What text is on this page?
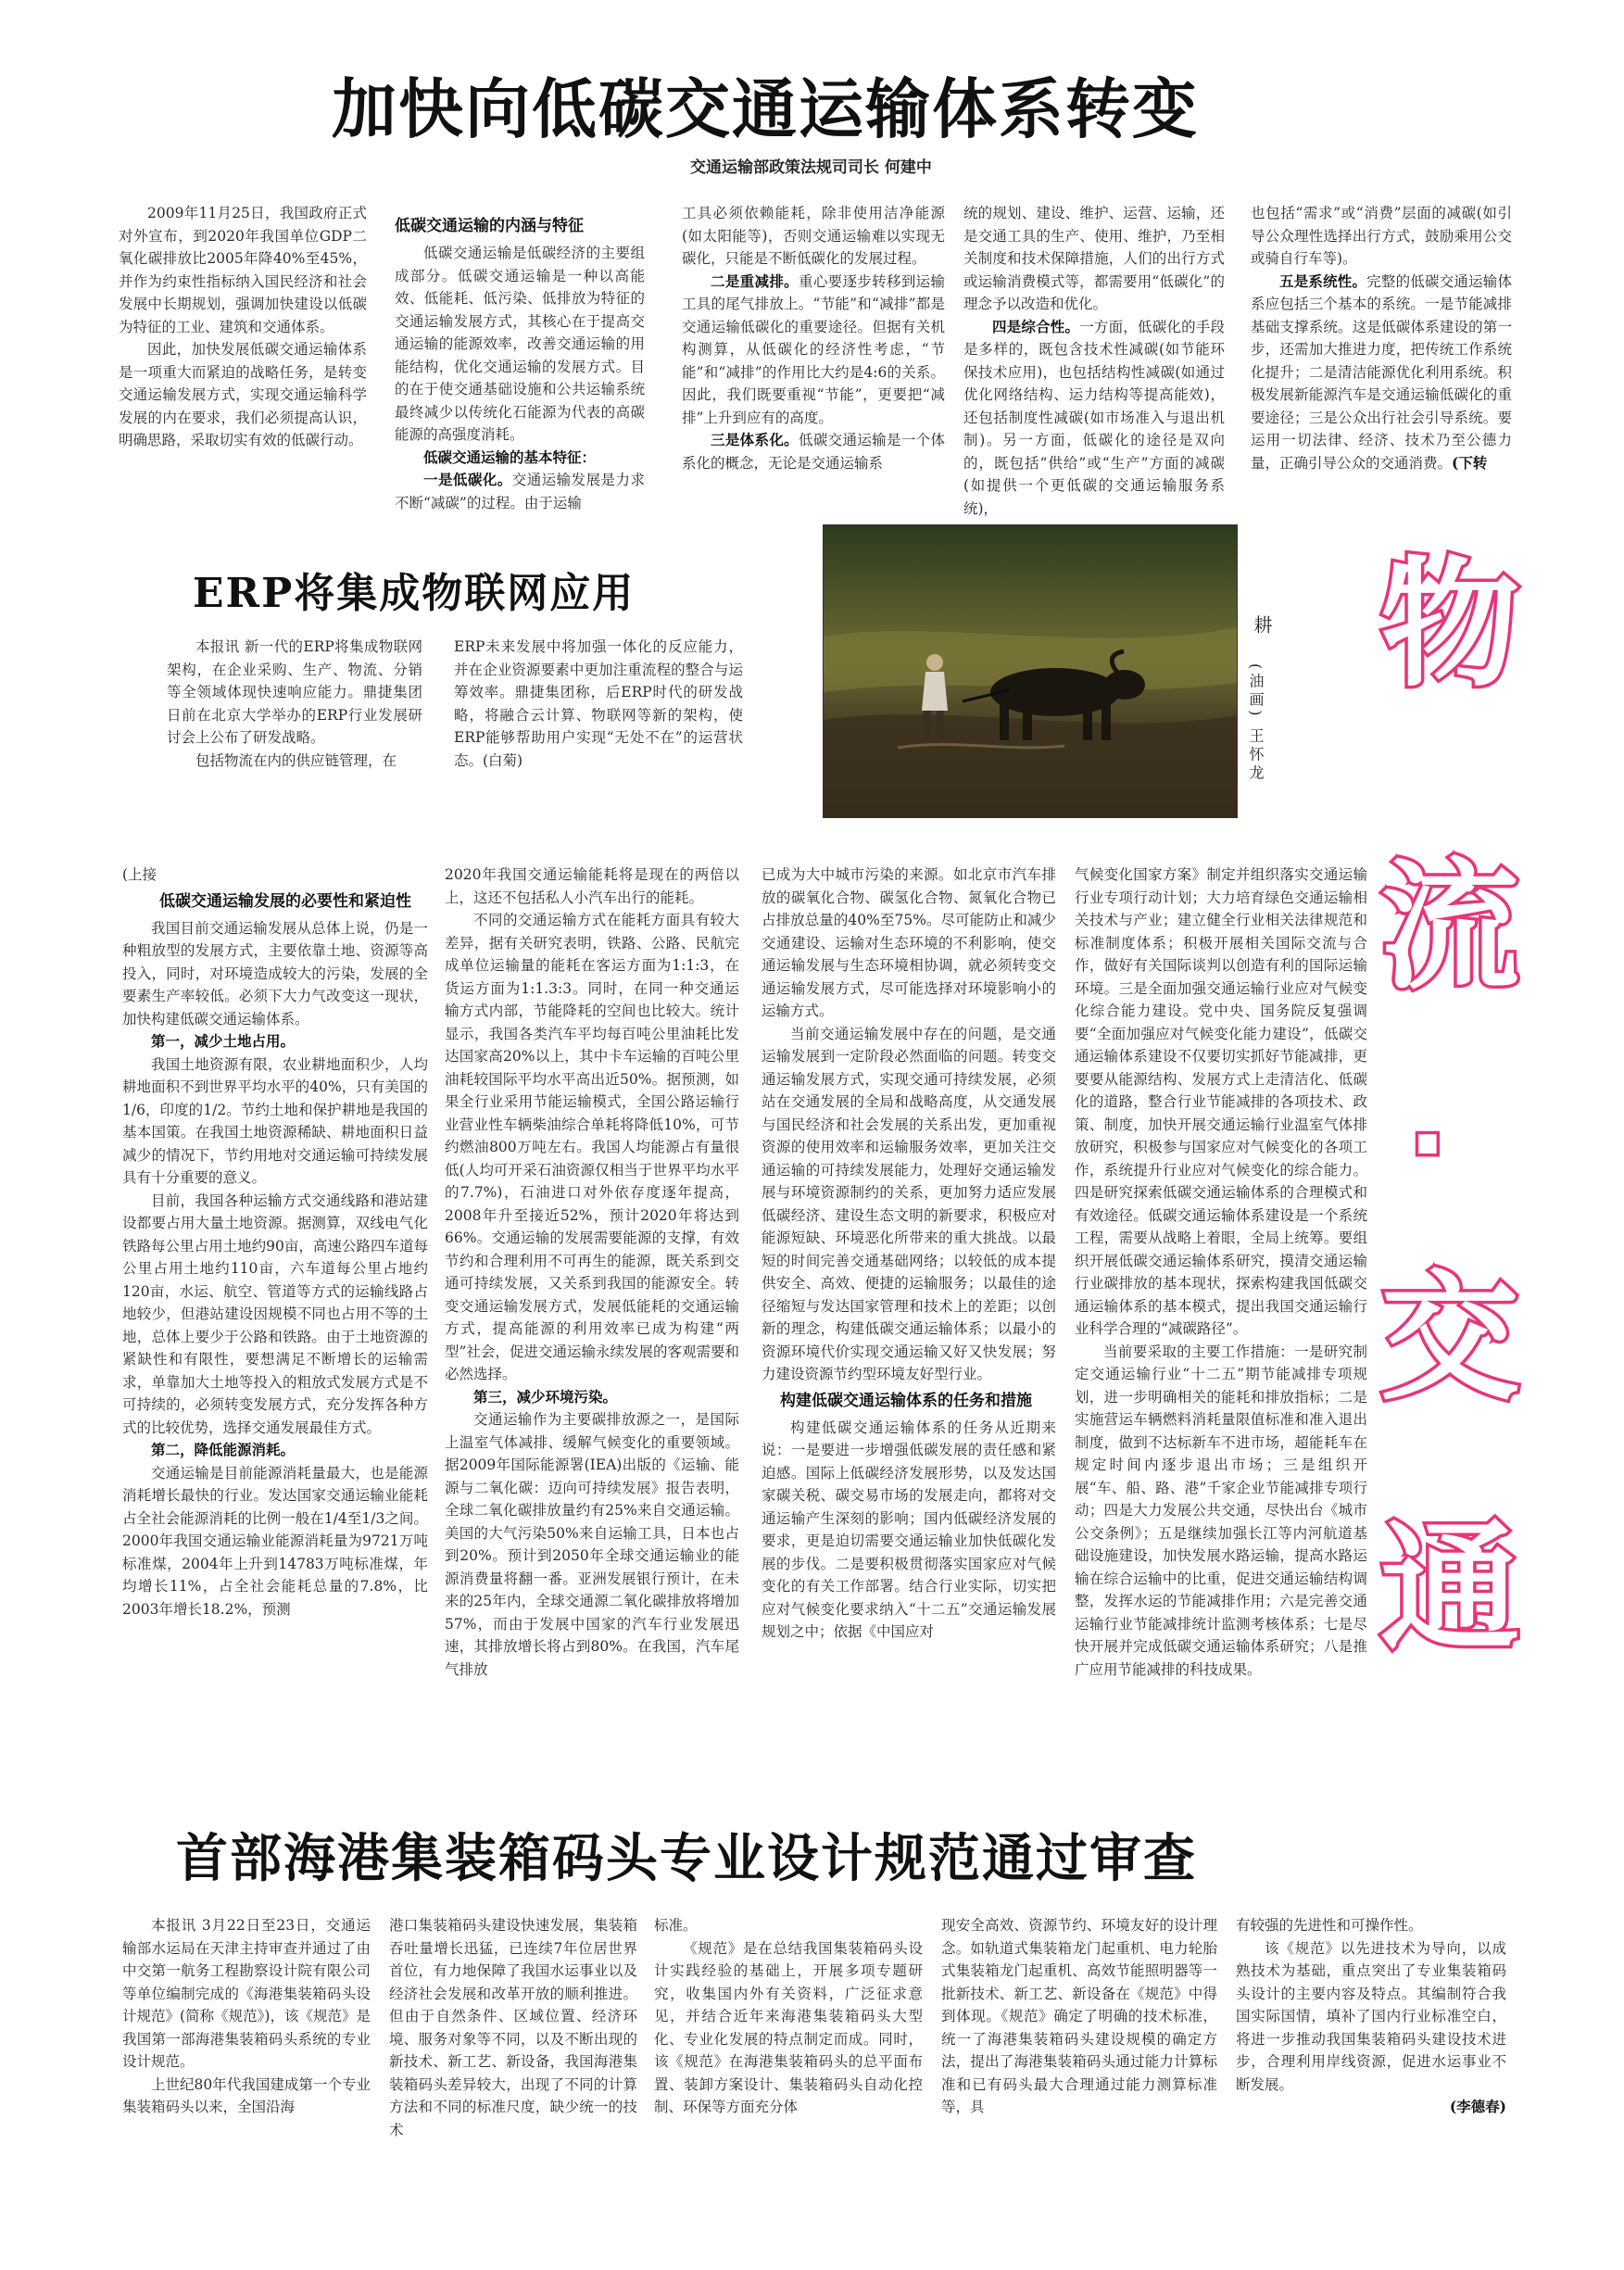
加快向低碳交通运输体系转变
交通运输部政策法规司司长 何建中

2009年11月25日，我国政府正式对外宣布，到2020年我国单位GDP二氧化碳排放比2005年降40%至45%，并作为约束性指标纳入国民经济和社会发展中长期规划，强调加快建设以低碳为特征的工业、建筑和交通体系。

因此，加快发展低碳交通运输体系是一项重大而紧迫的战略任务，是转变交通运输发展方式，实现交通运输科学发展的内在要求，我们必须提高认识，明确思路，采取切实有效的低碳行动。

低碳交通运输的内涵与特征

低碳交通运输是低碳经济的主要组成部分。低碳交通运输是一种以高能效、低能耗、低污染、低排放为特征的交通运输发展方式，其核心在于提高交通运输的能源效率，改善交通运输的用能结构，优化交通运输的发展方式。目的在于使交通基础设施和公共运输系统最终减少以传统化石能源为代表的高碳能源的高强度消耗。

低碳交通运输的基本特征：

一是低碳化。交通运输发展是力求不断“减碳”的过程。由于运输

工具必须依赖能耗，除非使用洁净能源(如太阳能等)，否则交通运输难以实现无碳化，只能是不断低碳化的发展过程。

二是重减排。重心要逐步转移到运输工具的尾气排放上。“节能”和“减排”都是交通运输低碳化的重要途径。但据有关机构测算，从低碳化的经济性考虑，“节能”和“减排”的作用比大约是4:6的关系。因此，我们既要重视“节能”，更要把“减排”上升到应有的高度。

三是体系化。低碳交通运输是一个体系化的概念，无论是交通运输系

统的规划、建设、维护、运营、运输，还是交通工具的生产、使用、维护，乃至相关制度和技术保障措施，人们的出行方式或运输消费模式等，都需要用“低碳化”的理念予以改造和优化。

四是综合性。一方面，低碳化的手段是多样的，既包含技术性减碳(如节能环保技术应用)，也包括结构性减碳(如通过优化网络结构、运力结构等提高能效)，还包括制度性减碳(如市场准入与退出机制)。另一方面，低碳化的途径是双向的，既包括“供给”或“生产”方面的减碳(如提供一个更低碳的交通运输服务系统)，

也包括“需求”或“消费”层面的减碳(如引导公众理性选择出行方式，鼓励乘用公交或骑自行车等)。

五是系统性。完整的低碳交通运输体系应包括三个基本的系统。一是节能减排基础支撑系统。这是低碳体系建设的第一步，还需加大推进力度，把传统工作系统化提升；二是清洁能源优化利用系统。积极发展新能源汽车是交通运输低碳化的重要途径；三是公众出行社会引导系统。要运用一切法律、经济、技术乃至公德力量，正确引导公众的交通消费。(下转

ERP将集成物联网应用

本报讯 新一代的ERP将集成物联网架构，在企业采购、生产、物流、分销等全领域体现快速响应能力。鼎捷集团日前在北京大学举办的ERP行业发展研讨会上公布了研发战略。

包括物流在内的供应链管理，在

ERP未来发展中将加强一体化的反应能力，并在企业资源要素中更加注重流程的整合与运筹效率。鼎捷集团称，后ERP时代的研发战略，将融合云计算、物联网等新的架构，使ERP能够帮助用户实现“无处不在”的运营状态。(白菊)

耕
(油画) 王怀龙
物
流
·
交
通

(上接

低碳交通运输发展的必要性和紧迫性

我国目前交通运输发展从总体上说，仍是一种粗放型的发展方式，主要依靠土地、资源等高投入，同时，对环境造成较大的污染，发展的全要素生产率较低。必须下大力气改变这一现状，加快构建低碳交通运输体系。

第一，减少土地占用。

我国土地资源有限，农业耕地面积少，人均耕地面积不到世界平均水平的40%，只有美国的1/6，印度的1/2。节约土地和保护耕地是我国的基本国策。在我国土地资源稀缺、耕地面积日益减少的情况下，节约用地对交通运输可持续发展具有十分重要的意义。

目前，我国各种运输方式交通线路和港站建设都要占用大量土地资源。据测算，双线电气化铁路每公里占用土地约90亩，高速公路四车道每公里占用土地约110亩，六车道每公里占地约120亩，水运、航空、管道等方式的运输线路占地较少，但港站建设因规模不同也占用不等的土地，总体上要少于公路和铁路。由于土地资源的紧缺性和有限性，要想满足不断增长的运输需求，单靠加大土地等投入的粗放式发展方式是不可持续的，必须转变发展方式，充分发挥各种方式的比较优势，选择交通发展最佳方式。

第二，降低能源消耗。

交通运输是目前能源消耗量最大，也是能源消耗增长最快的行业。发达国家交通运输业能耗占全社会能源消耗的比例一般在1/4至1/3之间。2000年我国交通运输业能源消耗量为9721万吨标准煤，2004年上升到14783万吨标准煤，年均增长11%，占全社会能耗总量的7.8%，比2003年增长18.2%，预测

2020年我国交通运输能耗将是现在的两倍以上，这还不包括私人小汽车出行的能耗。

不同的交通运输方式在能耗方面具有较大差异，据有关研究表明，铁路、公路、民航完成单位运输量的能耗在客运方面为1:1:3，在货运方面为1:1.3:3。同时，在同一种交通运输方式内部，节能降耗的空间也比较大。统计显示，我国各类汽车平均每百吨公里油耗比发达国家高20%以上，其中卡车运输的百吨公里油耗较国际平均水平高出近50%。据预测，如果全行业采用节能运输模式，全国公路运输行业营业性车辆柴油综合单耗将降低10%，可节约燃油800万吨左右。我国人均能源占有量很低(人均可开采石油资源仅相当于世界平均水平的7.7%)，石油进口对外依存度逐年提高，2008年升至接近52%，预计2020年将达到66%。交通运输的发展需要能源的支撑，有效节约和合理利用不可再生的能源，既关系到交通可持续发展，又关系到我国的能源安全。转变交通运输发展方式，发展低能耗的交通运输方式，提高能源的利用效率已成为构建“两型”社会，促进交通运输永续发展的客观需要和必然选择。

第三，减少环境污染。

交通运输作为主要碳排放源之一，是国际上温室气体减排、缓解气候变化的重要领域。据2009年国际能源署(IEA)出版的《运输、能源与二氧化碳：迈向可持续发展》报告表明，全球二氧化碳排放量约有25%来自交通运输。美国的大气污染50%来自运输工具，日本也占到20%。预计到2050年全球交通运输业的能源消费量将翻一番。亚洲发展银行预计，在未来的25年内，全球交通源二氧化碳排放将增加57%，而由于发展中国家的汽车行业发展迅速，其排放增长将占到80%。在我国，汽车尾气排放

已成为大中城市污染的来源。如北京市汽车排放的碳氧化合物、碳氢化合物、氮氧化合物已占排放总量的40%至75%。尽可能防止和减少交通建设、运输对生态环境的不利影响，使交通运输发展与生态环境相协调，就必须转变交通运输发展方式，尽可能选择对环境影响小的运输方式。

当前交通运输发展中存在的问题，是交通运输发展到一定阶段必然面临的问题。转变交通运输发展方式，实现交通可持续发展，必须站在交通发展的全局和战略高度，从交通发展与国民经济和社会发展的关系出发，更加重视资源的使用效率和运输服务效率，更加关注交通运输的可持续发展能力，处理好交通运输发展与环境资源制约的关系，更加努力适应发展低碳经济、建设生态文明的新要求，积极应对能源短缺、环境恶化所带来的重大挑战。以最短的时间完善交通基础网络；以较低的成本提供安全、高效、便捷的运输服务；以最佳的途径缩短与发达国家管理和技术上的差距；以创新的理念，构建低碳交通运输体系；以最小的资源环境代价实现交通运输又好又快发展；努力建设资源节约型环境友好型行业。

构建低碳交通运输体系的任务和措施

构建低碳交通运输体系的任务从近期来说：一是要进一步增强低碳发展的责任感和紧迫感。国际上低碳经济发展形势，以及发达国家碳关税、碳交易市场的发展走向，都将对交通运输产生深刻的影响；国内低碳经济发展的要求，更是迫切需要交通运输业加快低碳化发展的步伐。二是要积极贯彻落实国家应对气候变化的有关工作部署。结合行业实际，切实把应对气候变化要求纳入“十二五”交通运输发展规划之中；依据《中国应对

气候变化国家方案》制定并组织落实交通运输行业专项行动计划；大力培育绿色交通运输相关技术与产业；建立健全行业相关法律规范和标准制度体系；积极开展相关国际交流与合作，做好有关国际谈判以创造有利的国际运输环境。三是全面加强交通运输行业应对气候变化综合能力建设。党中央、国务院反复强调要“全面加强应对气候变化能力建设”，低碳交通运输体系建设不仅要切实抓好节能减排，更要要从能源结构、发展方式上走清洁化、低碳化的道路，整合行业节能减排的各项技术、政策、制度，加快开展交通运输行业温室气体排放研究，积极参与国家应对气候变化的各项工作，系统提升行业应对气候变化的综合能力。四是研究探索低碳交通运输体系的合理模式和有效途径。低碳交通运输体系建设是一个系统工程，需要从战略上着眼，全局上统筹。要组织开展低碳交通运输体系研究，摸清交通运输行业碳排放的基本现状，探索构建我国低碳交通运输体系的基本模式，提出我国交通运输行业科学合理的“减碳路径”。

当前要采取的主要工作措施：一是研究制定交通运输行业“十二五”期节能减排专项规划，进一步明确相关的能耗和排放指标；二是实施营运车辆燃料消耗量限值标准和准入退出制度，做到不达标新车不进市场，超能耗车在规定时间内逐步退出市场；三是组织开展“车、船、路、港”千家企业节能减排专项行动；四是大力发展公共交通，尽快出台《城市公交条例》；五是继续加强长江等内河航道基础设施建设，加快发展水路运输，提高水路运输在综合运输中的比重，促进交通运输结构调整，发挥水运的节能减排作用；六是完善交通运输行业节能减排统计监测考核体系；七是尽快开展并完成低碳交通运输体系研究；八是推广应用节能减排的科技成果。

首部海港集装箱码头专业设计规范通过审查

本报讯 3月22日至23日，交通运输部水运局在天津主持审查并通过了由中交第一航务工程勘察设计院有限公司等单位编制完成的《海港集装箱码头设计规范》(简称《规范》)，该《规范》是我国第一部海港集装箱码头系统的专业设计规范。

上世纪80年代我国建成第一个专业集装箱码头以来，全国沿海

港口集装箱码头建设快速发展，集装箱吞吐量增长迅猛，已连续7年位居世界首位，有力地保障了我国水运事业以及经济社会发展和改革开放的顺利推进。但由于自然条件、区域位置、经济环境、服务对象等不同，以及不断出现的新技术、新工艺、新设备，我国海港集装箱码头差异较大，出现了不同的计算方法和不同的标准尺度，缺少统一的技术

标准。

《规范》是在总结我国集装箱码头设计实践经验的基础上，开展多项专题研究，收集国内外有关资料，广泛征求意见，并结合近年来海港集装箱码头大型化、专业化发展的特点制定而成。同时，该《规范》在海港集装箱码头的总平面布置、装卸方案设计、集装箱码头自动化控制、环保等方面充分体

现安全高效、资源节约、环境友好的设计理念。如轨道式集装箱龙门起重机、电力轮胎式集装箱龙门起重机、高效节能照明器等一批新技术、新工艺、新设备在《规范》中得到体现。《规范》确定了明确的技术标准，统一了海港集装箱码头建设规模的确定方法，提出了海港集装箱码头通过能力计算标准和已有码头最大合理通过能力测算标准等，具

有较强的先进性和可操作性。

该《规范》以先进技术为导向，以成熟技术为基础，重点突出了专业集装箱码头设计的主要内容及特点。其编制符合我国实际国情，填补了国内行业标准空白，将进一步推动我国集装箱码头建设技术进步，合理利用岸线资源，促进水运事业不断发展。

(李德春)
